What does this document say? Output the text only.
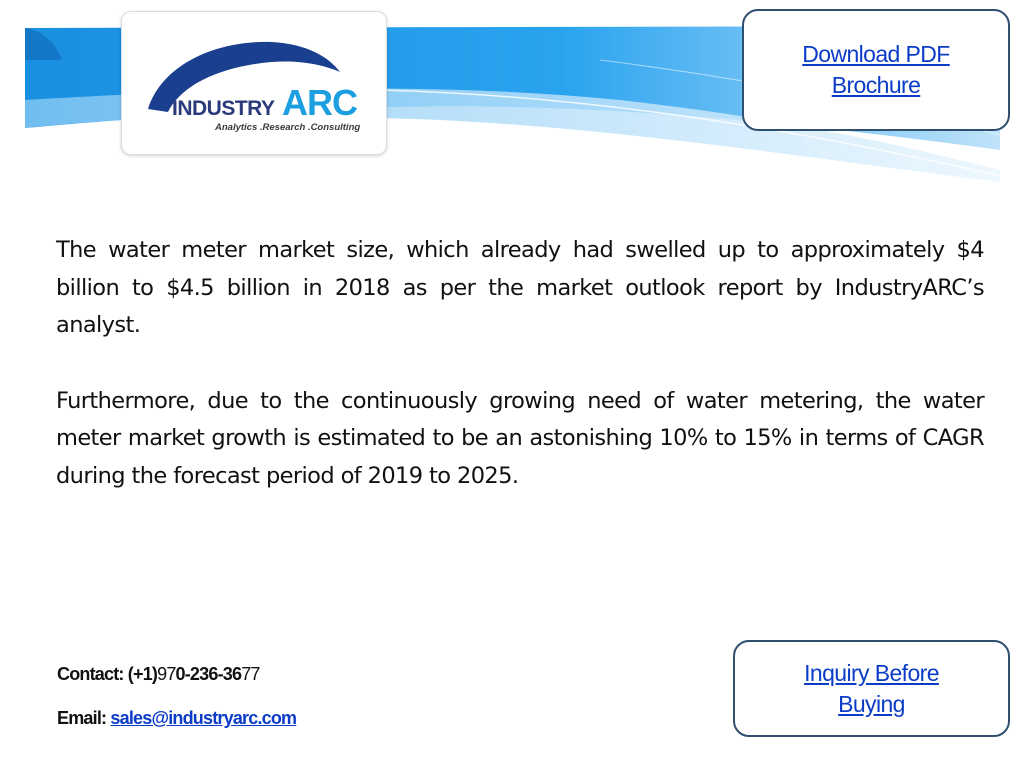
INDUSTRY ARC
Analytics .Research .Consulting
Download PDF
Brochure

The water meter market size, which already had swelled up to approximately $4 billion to $4.5 billion in 2018 as per the market outlook report by IndustryARC’s analyst.

Furthermore, due to the continuously growing need of water metering, the water meter market growth is estimated to be an astonishing 10% to 15% in terms of CAGR during the forecast period of 2019 to 2025.

Contact: (+1)970-236-3677
Email: sales@industryarc.com
Inquiry Before
Buying
